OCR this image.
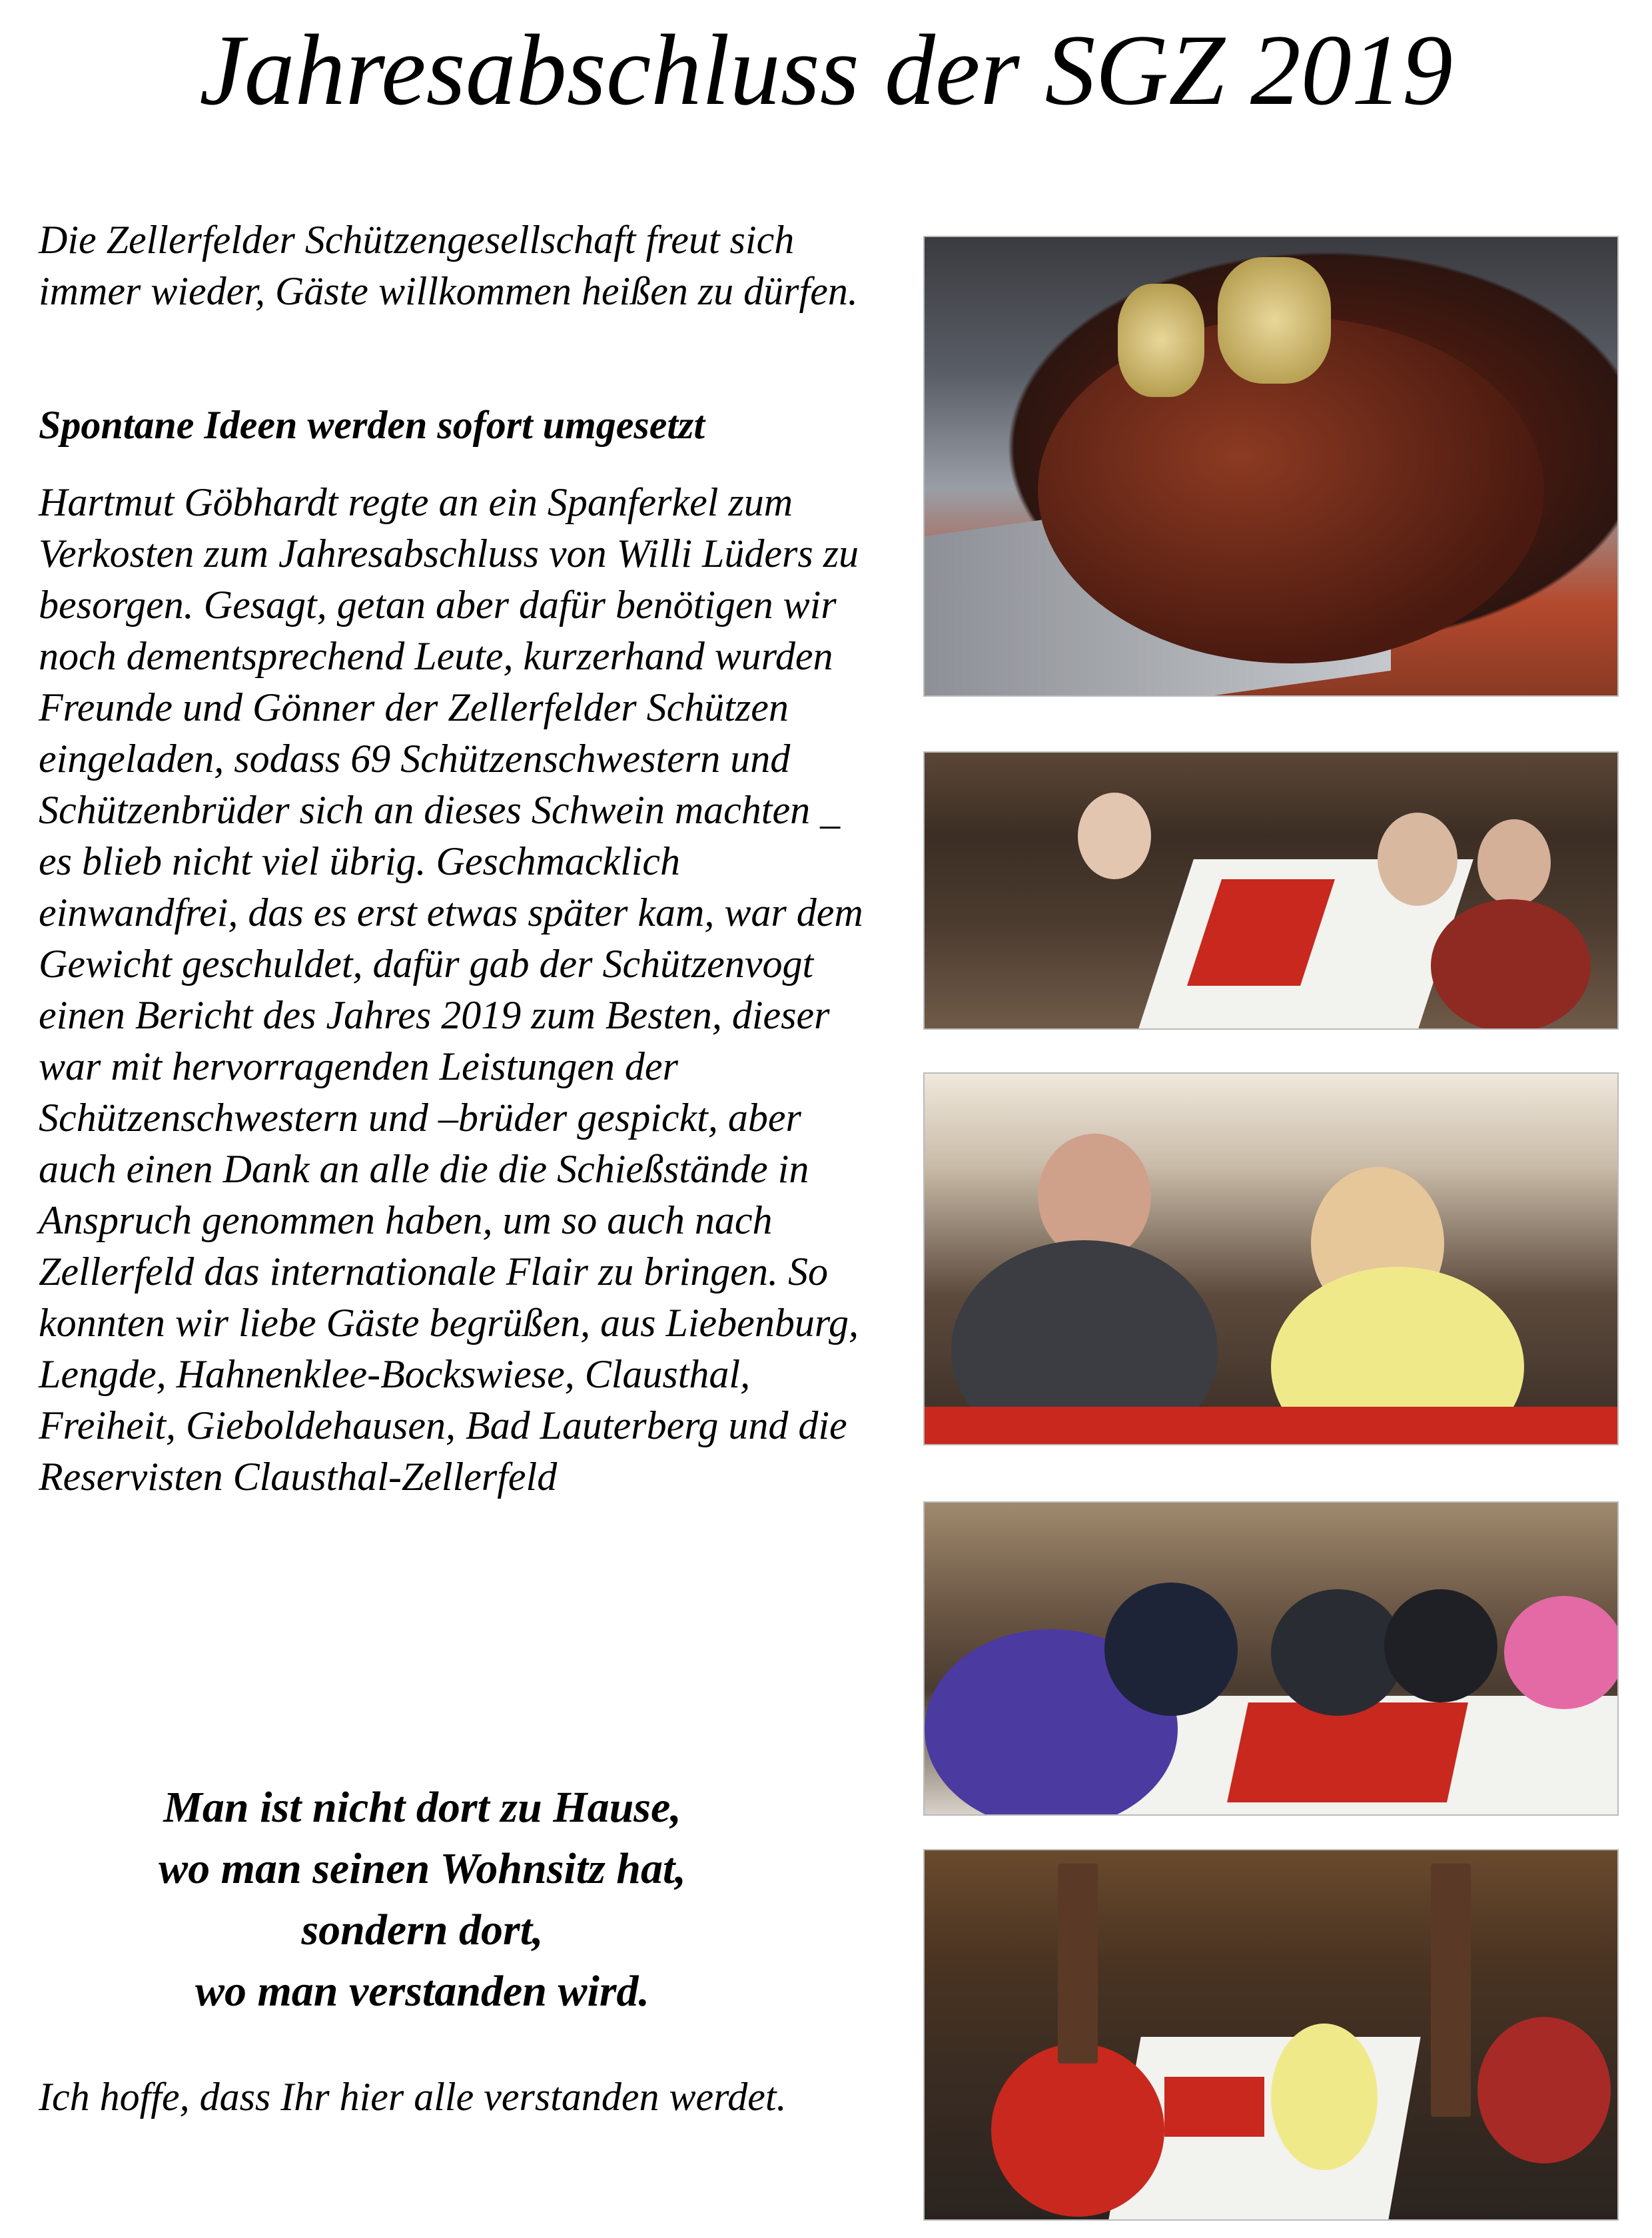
Jahresabschluss der SGZ 2019

Die Zellerfelder Schützengesellschaft freut sich immer wieder, Gäste willkommen heißen zu dürfen.

Spontane Ideen werden sofort umgesetzt

Hartmut Göbhardt regte an ein Spanferkel zum Verkosten zum Jahresabschluss von Willi Lüders zu besorgen. Gesagt, getan aber dafür benötigen wir noch dementsprechend Leute, kurzerhand wurden Freunde und Gönner der Zellerfelder Schützen eingeladen, sodass 69 Schützenschwestern und Schützenbrüder sich an dieses Schwein machten _ es blieb nicht viel übrig. Geschmacklich einwandfrei, das es erst etwas später kam, war dem Gewicht geschuldet, dafür gab der Schützenvogt einen Bericht des Jahres 2019 zum Besten, dieser war mit hervorragenden Leistungen der Schützenschwestern und –brüder gespickt, aber auch einen Dank an alle die die Schießstände in Anspruch genommen haben, um so auch nach Zellerfeld das internationale Flair zu bringen. So konnten wir liebe Gäste begrüßen, aus Liebenburg, Lengde, Hahnenklee-Bockswiese, Clausthal, Freiheit, Gieboldehausen, Bad Lauterberg und die Reservisten Clausthal-Zellerfeld

Man ist nicht dort zu Hause,
wo man seinen Wohnsitz hat,
sondern dort,
wo man verstanden wird.

Ich hoffe, dass Ihr hier alle verstanden werdet.
